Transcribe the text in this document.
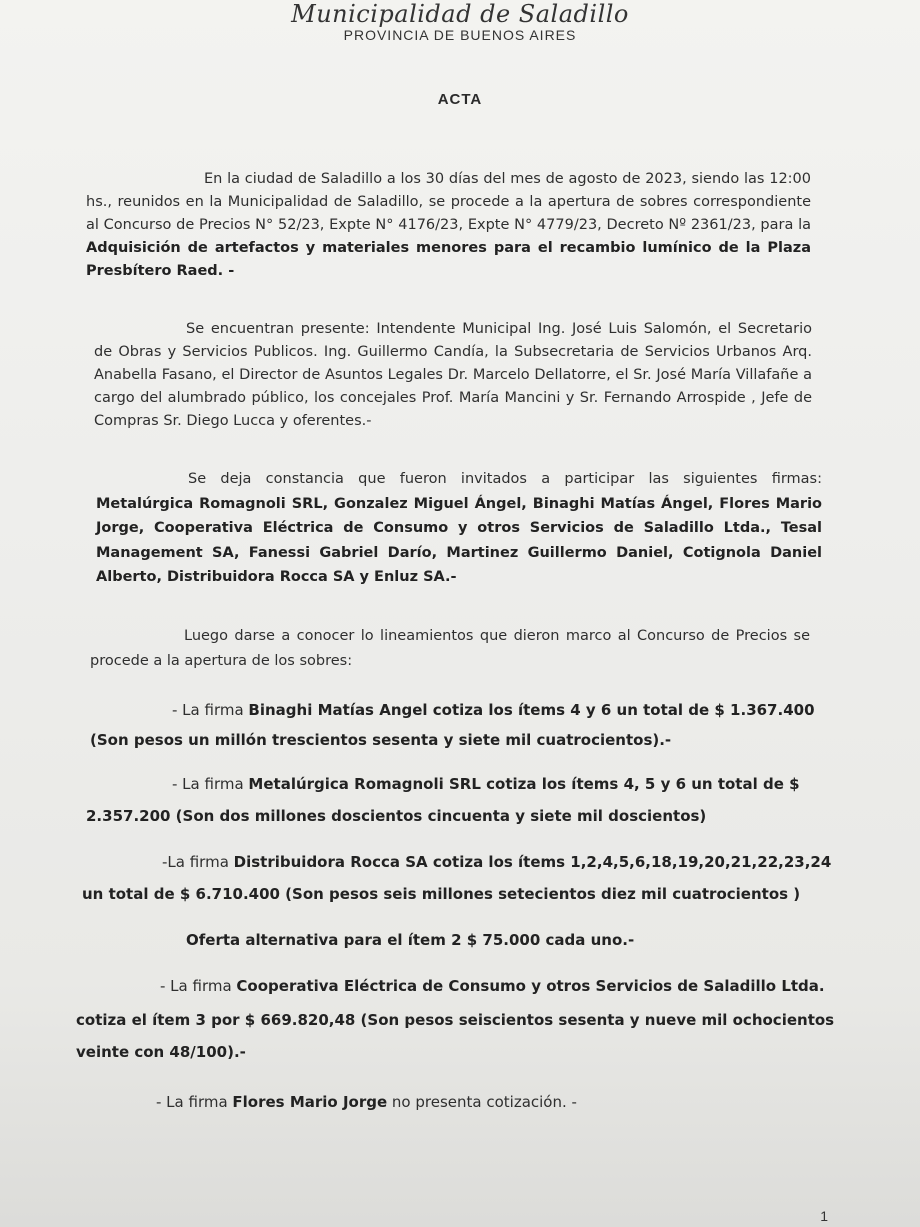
Municipalidad de Saladillo
PROVINCIA DE BUENOS AIRES
ACTA
En la ciudad de Saladillo a los 30 días del mes de agosto de 2023, siendo las 12:00 hs., reunidos en la Municipalidad de Saladillo, se procede a la apertura de sobres correspondiente al Concurso de Precios N° 52/23, Expte N° 4176/23, Expte N° 4779/23, Decreto Nº 2361/23, para la Adquisición de artefactos y materiales menores para el recambio lumínico de la Plaza Presbítero Raed. -
Se encuentran presente: Intendente Municipal Ing. José Luis Salomón, el Secretario de Obras y Servicios Publicos. Ing. Guillermo Candía, la Subsecretaria de Servicios Urbanos Arq. Anabella Fasano, el Director de Asuntos Legales Dr. Marcelo Dellatorre, el Sr. José María Villafañe a cargo del alumbrado público, los concejales Prof. María Mancini y Sr. Fernando Arrospide , Jefe de Compras Sr. Diego Lucca y oferentes.-
Se deja constancia que fueron invitados a participar las siguientes firmas: Metalúrgica Romagnoli SRL, Gonzalez Miguel Ángel, Binaghi Matías Ángel, Flores Mario Jorge, Cooperativa Eléctrica de Consumo y otros Servicios de Saladillo Ltda., Tesal Management SA, Fanessi Gabriel Darío, Martinez Guillermo Daniel, Cotignola Daniel Alberto, Distribuidora Rocca SA y Enluz SA.-
Luego darse a conocer lo lineamientos que dieron marco al Concurso de Precios se procede a la apertura de los sobres:
- La firma Binaghi Matías Angel cotiza los ítems 4 y 6 un total de $ 1.367.400
(Son pesos un millón trescientos sesenta y siete mil cuatrocientos).-
- La firma Metalúrgica Romagnoli SRL cotiza los ítems 4, 5 y 6 un total de $
2.357.200 (Son dos millones doscientos cincuenta y siete mil doscientos)
-La firma Distribuidora Rocca SA cotiza los ítems 1,2,4,5,6,18,19,20,21,22,23,24
un total de $ 6.710.400 (Son pesos seis millones setecientos diez mil cuatrocientos )
Oferta alternativa para el ítem 2 $ 75.000 cada uno.-
- La firma Cooperativa Eléctrica de Consumo y otros Servicios de Saladillo Ltda.
cotiza el ítem 3 por $ 669.820,48 (Son pesos seiscientos sesenta y nueve mil ochocientos
veinte con 48/100).-
- La firma Flores Mario Jorge no presenta cotización. -
1
